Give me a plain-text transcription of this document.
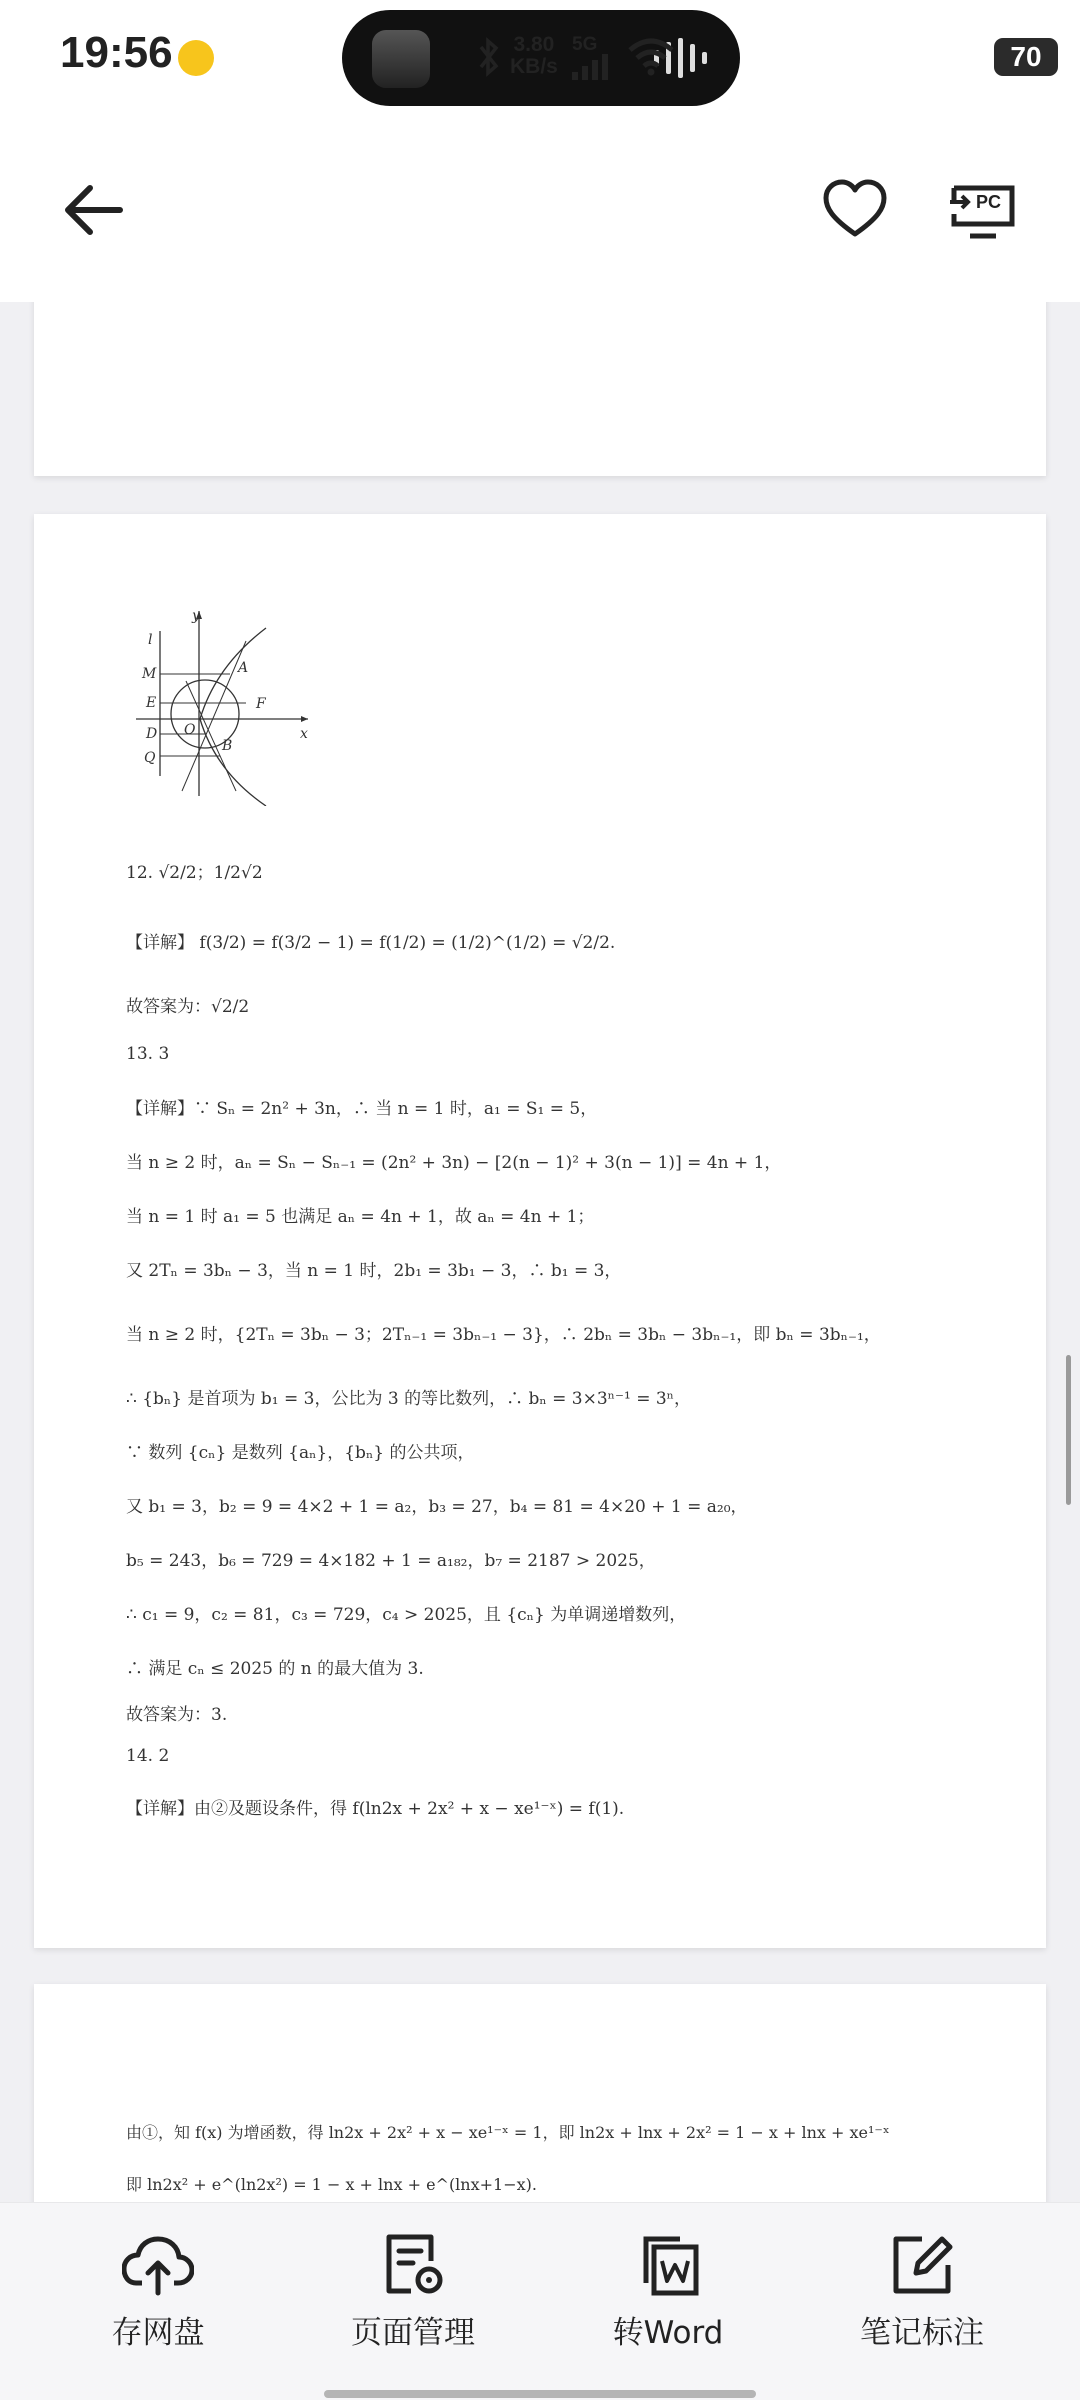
19:56	3.80
KB/s
5G	70
PC
y
x
l
M	A
E	F
D O
Q
B
12. √2/2；1/2√2
【详解】 f(3/2) = f(3/2 − 1) = f(1/2) = (1/2)^(1/2) = √2/2.
故答案为：√2/2
13. 3
【详解】∵ Sₙ = 2n² + 3n，∴ 当 n = 1 时，a₁ = S₁ = 5，
当 n ≥ 2 时，aₙ = Sₙ − Sₙ₋₁ = (2n² + 3n) − [2(n − 1)² + 3(n − 1)] = 4n + 1，
当 n = 1 时 a₁ = 5 也满足 aₙ = 4n + 1，故 aₙ = 4n + 1；
又 2Tₙ = 3bₙ − 3，当 n = 1 时，2b₁ = 3b₁ − 3，∴ b₁ = 3，
当 n ≥ 2 时，{2Tₙ = 3bₙ − 3；2Tₙ₋₁ = 3bₙ₋₁ − 3}，∴ 2bₙ = 3bₙ − 3bₙ₋₁，即 bₙ = 3bₙ₋₁，
∴ {bₙ} 是首项为 b₁ = 3，公比为 3 的等比数列，∴ bₙ = 3×3ⁿ⁻¹ = 3ⁿ，
∵ 数列 {cₙ} 是数列 {aₙ}，{bₙ} 的公共项，
又 b₁ = 3，b₂ = 9 = 4×2 + 1 = a₂，b₃ = 27，b₄ = 81 = 4×20 + 1 = a₂₀，
b₅ = 243，b₆ = 729 = 4×182 + 1 = a₁₈₂，b₇ = 2187 > 2025，
∴ c₁ = 9，c₂ = 81，c₃ = 729，c₄ > 2025，且 {cₙ} 为单调递增数列，
∴ 满足 cₙ ≤ 2025 的 n 的最大值为 3.
故答案为：3.
14. 2
【详解】由②及题设条件，得 f(ln2x + 2x² + x − xe¹⁻ˣ) = f(1).
由①，知 f(x) 为增函数，得 ln2x + 2x² + x − xe¹⁻ˣ = 1，即 ln2x + lnx + 2x² = 1 − x + lnx + xe¹⁻ˣ
即 ln2x² + e^(ln2x²) = 1 − x + lnx + e^(lnx+1−x).
存网盘	页面管理	转Word	笔记标注
